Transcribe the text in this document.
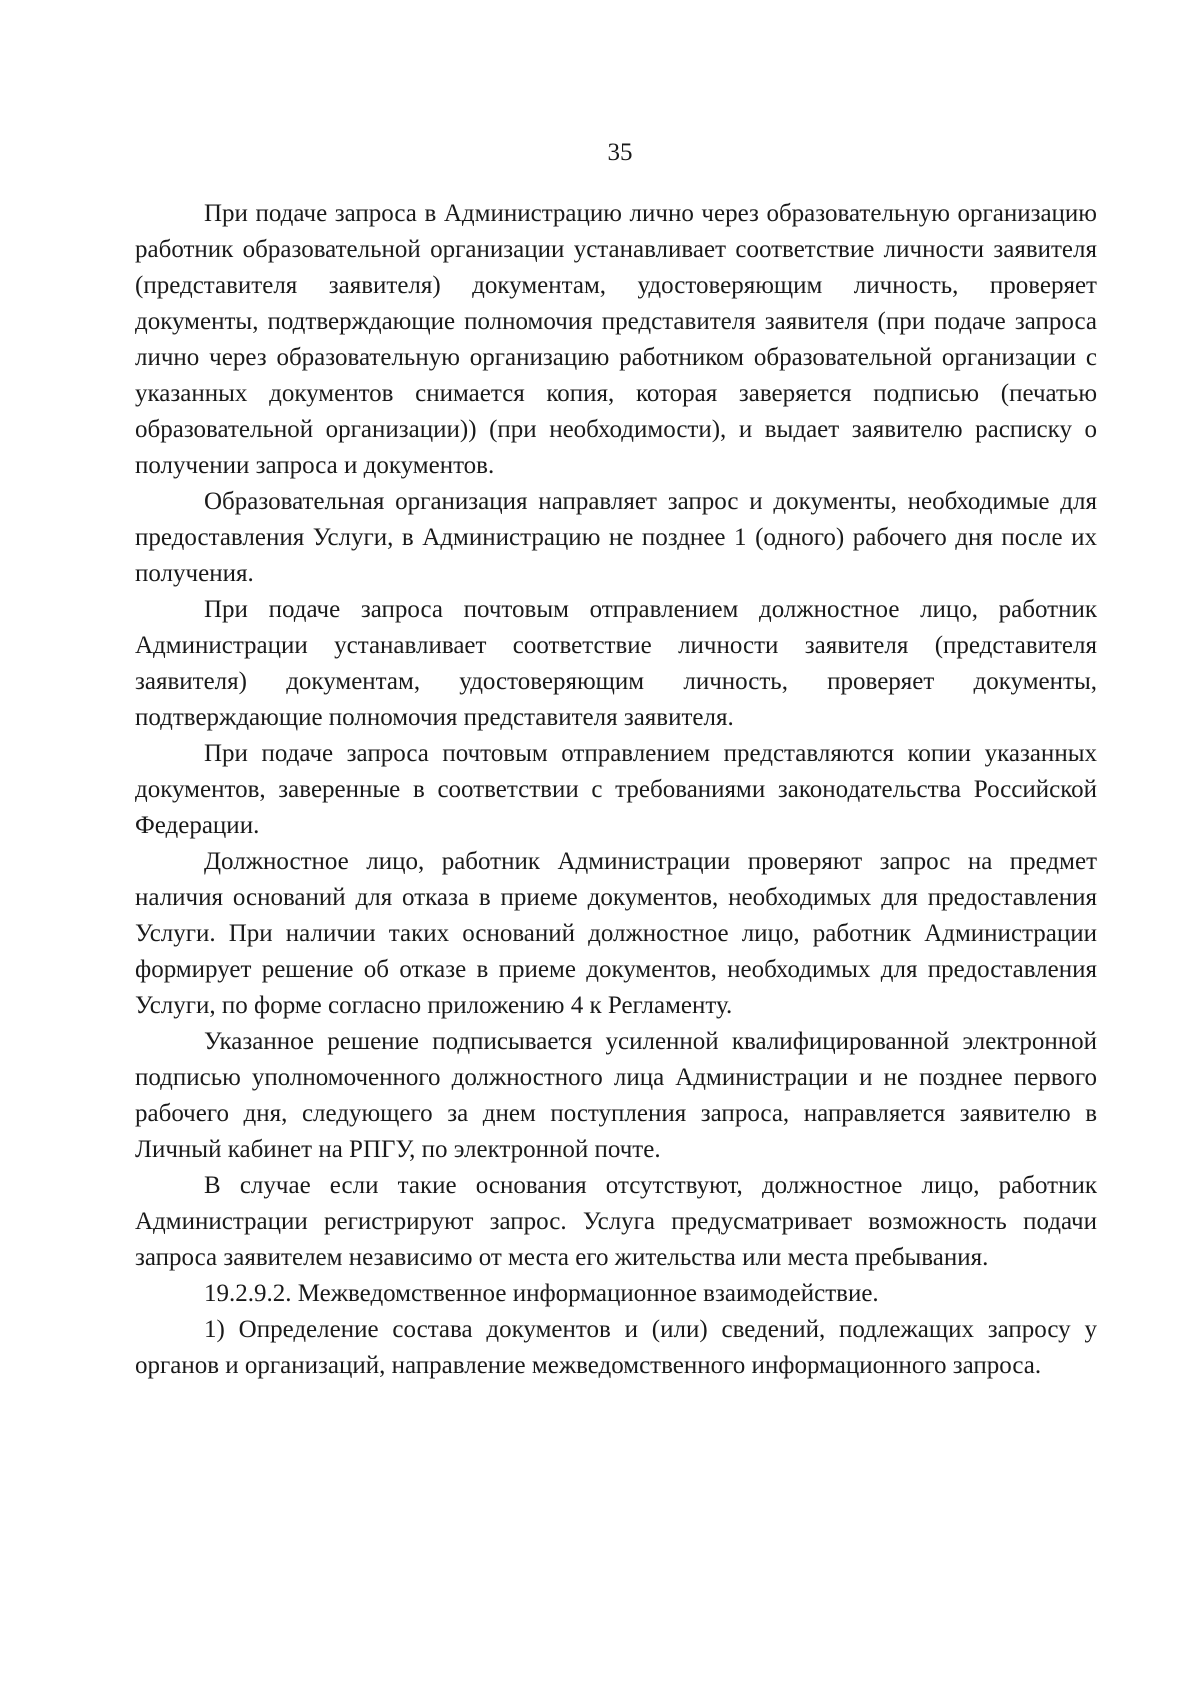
35

При подаче запроса в Администрацию лично через образовательную организацию работник образовательной организации устанавливает соответствие личности заявителя (представителя заявителя) документам, удостоверяющим личность, проверяет документы, подтверждающие полномочия представителя заявителя (при подаче запроса лично через образовательную организацию работником образовательной организации с указанных документов снимается копия, которая заверяется подписью (печатью образовательной организации)) (при необходимости), и выдает заявителю расписку о получении запроса и документов.

Образовательная организация направляет запрос и документы, необходимые для предоставления Услуги, в Администрацию не позднее 1 (одного) рабочего дня после их получения.

При подаче запроса почтовым отправлением должностное лицо, работник Администрации устанавливает соответствие личности заявителя (представителя заявителя) документам, удостоверяющим личность, проверяет документы, подтверждающие полномочия представителя заявителя.

При подаче запроса почтовым отправлением представляются копии указанных документов, заверенные в соответствии с требованиями законодательства Российской Федерации.

Должностное лицо, работник Администрации проверяют запрос на предмет наличия оснований для отказа в приеме документов, необходимых для предоставления Услуги. При наличии таких оснований должностное лицо, работник Администрации формирует решение об отказе в приеме документов, необходимых для предоставления Услуги, по форме согласно приложению 4 к Регламенту.

Указанное решение подписывается усиленной квалифицированной электронной подписью уполномоченного должностного лица Администрации и не позднее первого рабочего дня, следующего за днем поступления запроса, направляется заявителю в Личный кабинет на РПГУ, по электронной почте.

В случае если такие основания отсутствуют, должностное лицо, работник Администрации регистрируют запрос. Услуга предусматривает возможность подачи запроса заявителем независимо от места его жительства или места пребывания.

19.2.9.2. Межведомственное информационное взаимодействие.

1) Определение состава документов и (или) сведений, подлежащих запросу у органов и организаций, направление межведомственного информационного запроса.
